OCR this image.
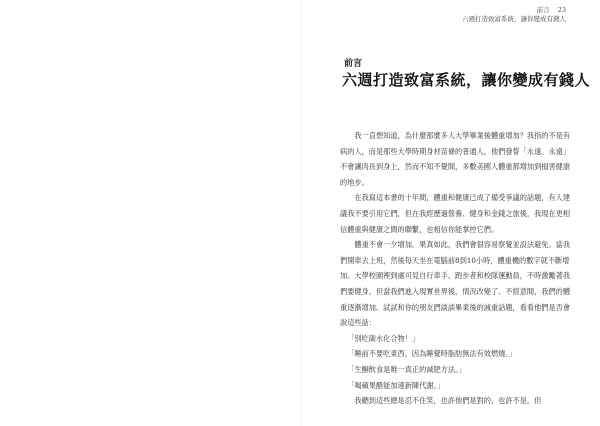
前言 23
六週打造致富系統，讓你變成有錢人
前言
六週打造致富系統，讓你變成有錢人

我一直想知道，為什麼那麼多人大學畢業後體重增加？我指的不是有病的人，而是那些大學時期身材苗條的普通人，他們發誓「永遠、永遠」不會讓肉長到身上，然而不知不覺間，多數美國人體重都增加到損害健康的地步。

在我寫這本書的十年間，體重和健康已成了備受爭議的話題，有人建議我不要引用它們，但在我經歷過營養、健身和金錢之旅後，我現在更相信體重與健康之間的聯繫，也相信你能掌控它們。

體重不會一夕增加。果真如此，我們會很容易察覺並設法避免。當我們開車去上班，然後每天坐在電腦前8到10小時，體重機的數字就不斷增加。大學校園裡到處可見自行車手、跑步者和校隊運動員，不時激勵著我們要健身。但當我們進入現實世界後，情況改變了。不經意間，我們的體重逐漸增加。試試和你的朋友們談談畢業後的減重話題，看看他們是否會說這些話：

「別吃碳水化合物！」

「睡前不要吃東西，因為睡覺時脂肪無法有效燃燒。」

「生酮飲食是唯一真正的減肥方法。」

「喝蘋果醋能加速新陳代謝。」

我聽到這些總是忍不住笑，也許他們是對的，也許不是，但
